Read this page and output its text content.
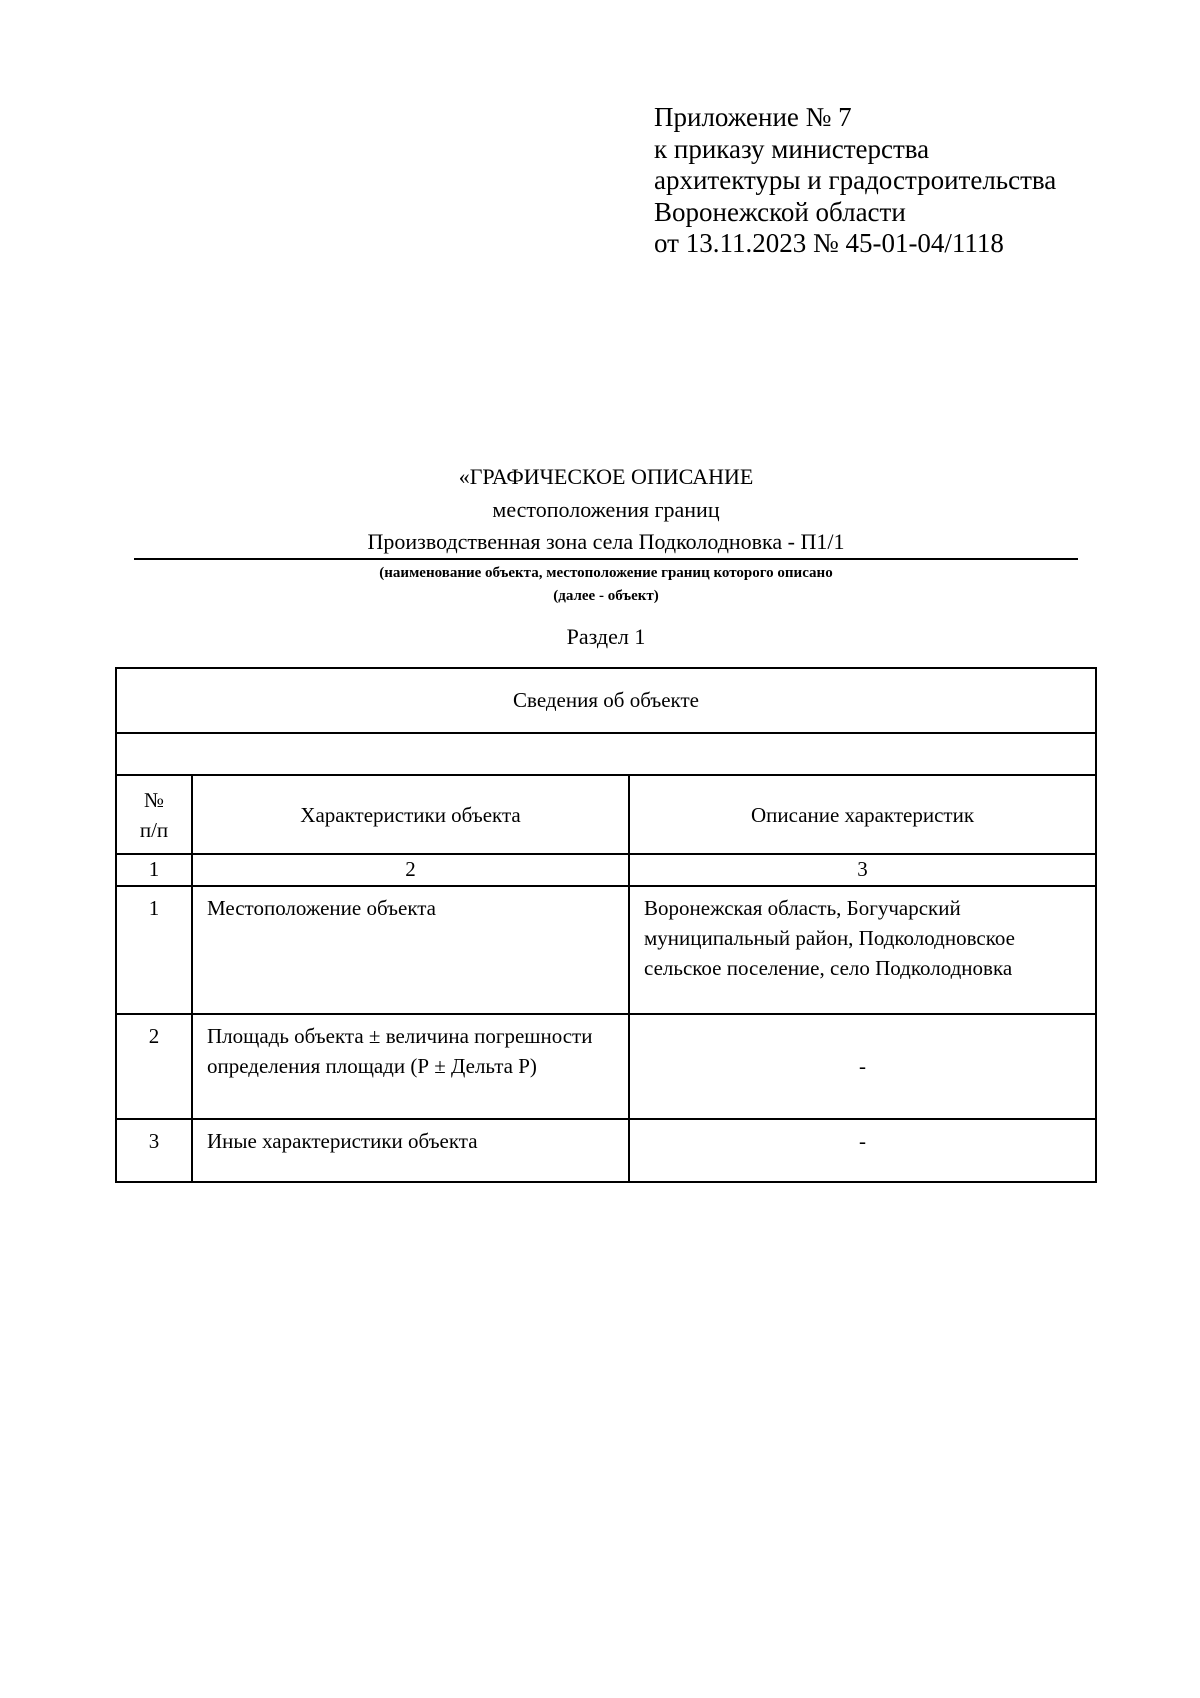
Приложение № 7
к приказу министерства
архитектуры и градостроительства
Воронежской области
от 13.11.2023 № 45-01-04/1118
«ГРАФИЧЕСКОЕ ОПИСАНИЕ
местоположения границ
Производственная зона села Подколодновка - П1/1
(наименование объекта, местоположение границ которого описано
(далее - объект)
Раздел 1
Сведения об объекте		

№
п/п	Характеристики объекта	Описание характеристик
1	2	3
1	Местоположение объекта	Воронежская область, Богучарский муниципальный район, Подколодновское сельское поселение, село Подколодновка
2	Площадь объекта ± величина погрешности определения площади (Р ± Дельта Р)	-
3	Иные характеристики объекта	-
